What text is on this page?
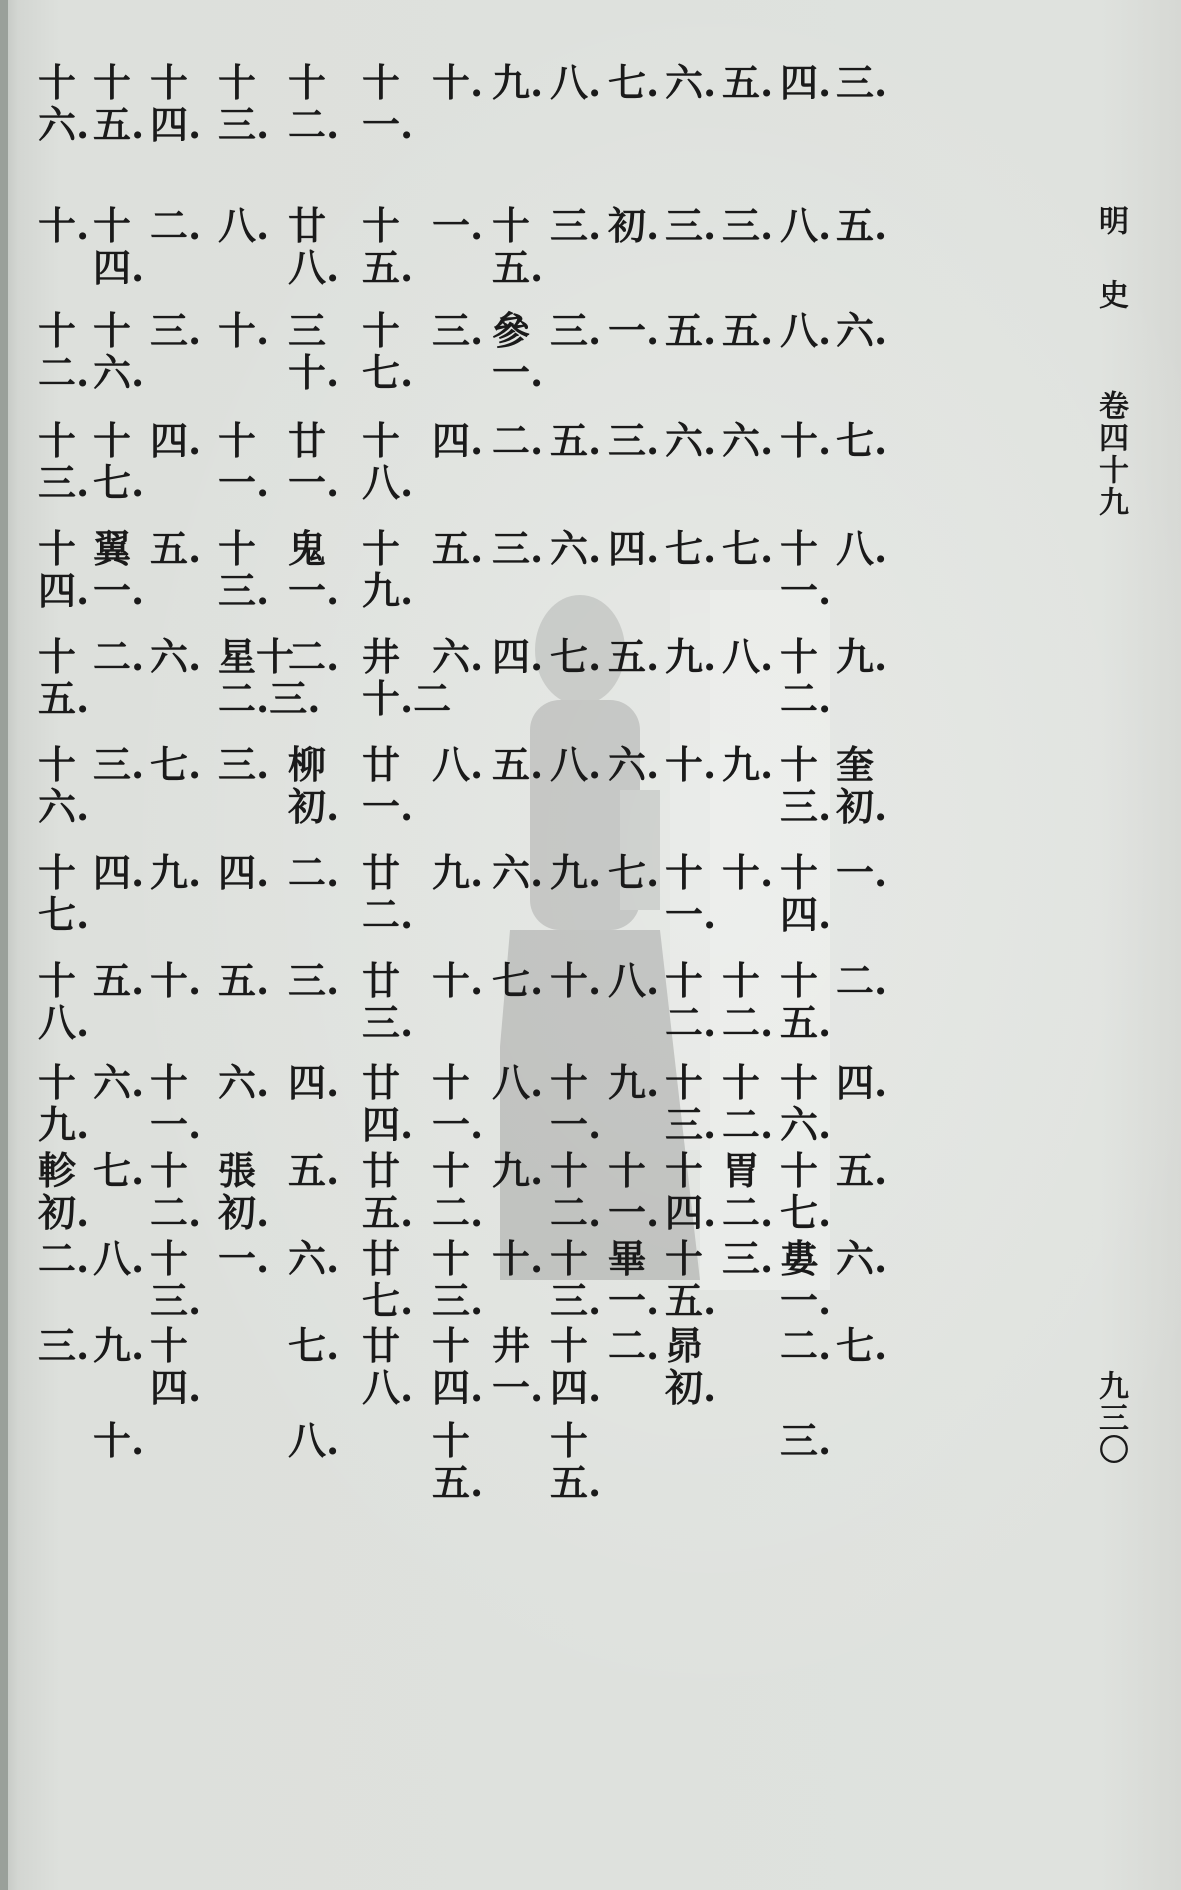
明史
卷四十九
九三〇
十
六.
十
五.
十
四.
十
三.
十
二.
十
一.
十. 九. 八. 七. 六. 五. 四. 三.
十. 十
四.
二. 八. 廿
八.
十
五.
一. 十
五.
三. 初. 三. 三. 八. 五.
十
二.
十
六.
三. 十. 三
十.
十
七.
三. 參
一.
三. 一. 五. 五. 八. 六.
十
三.
十
七.
四. 十
一.
廿
一.
十
八.
四. 二. 五. 三. 六. 六. 十. 七.
十
四.
翼
一.
五. 十
三.
鬼
一.
十
九.
五. 三. 六. 四. 七. 七. 十
一.
八.
十
五.
二. 六. 星十
二.三.
二. 井
十.二
六. 四. 七. 五. 九. 八. 十
二.
九.
十
六.
三. 七. 三. 柳
初.
廿
一.
八. 五. 八. 六. 十. 九. 十
三.
奎
初.
十
七.
四. 九. 四. 二. 廿
二.
九. 六. 九. 七. 十
一.
十. 十
四.
一.
十
八.
五. 十. 五. 三. 廿
三.
十. 七. 十. 八. 十
二.
十
二.
十
五.
二.
十
九.
六. 十
一.
六. 四. 廿
四.
十
一.
八. 十
一.
九. 十
三.
十
二.
十
六.
四.
軫
初.
七. 十
二.
張
初.
五. 廿
五.
十
二.
九. 十
二.
十
一.
十
四.
胃
二.
十
七.
五.
二. 八. 十
三.
一. 六. 廿
七.
十
三.
十. 十
三.
畢
一.
十
五.
三. 婁
一.
六.
三. 九. 十
四.
七. 廿
八.
十
四.
井
一.
十
四.
二. 昴
初.
二. 七.
十.	八.	十
五.
十
五.
三.
